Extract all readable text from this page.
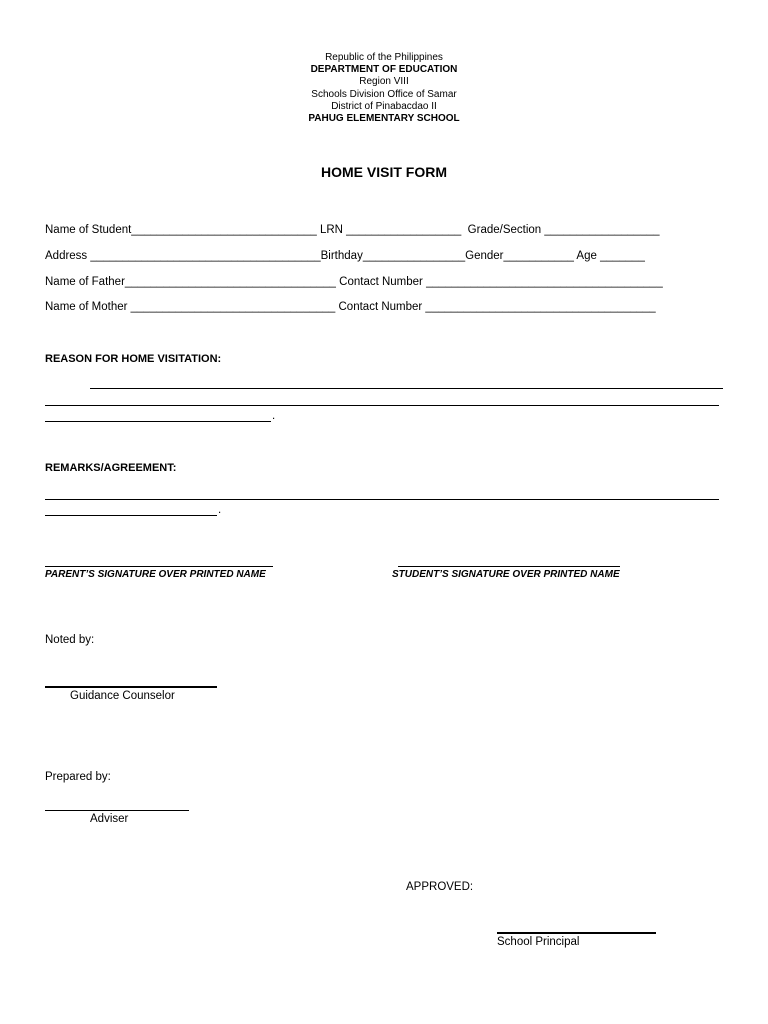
Republic of the Philippines
DEPARTMENT OF EDUCATION
Region VIII
Schools Division Office of Samar
District of Pinabacdao II
PAHUG ELEMENTARY SCHOOL
HOME VISIT FORM
Name of Student_____________________________ LRN __________________  Grade/Section __________________
Address ____________________________________Birthday________________Gender___________ Age _______
Name of Father_________________________________ Contact Number _____________________________________
Name of Mother ________________________________ Contact Number ____________________________________
REASON FOR HOME VISITATION:
.
REMARKS/AGREEMENT:
.
PARENT’S SIGNATURE OVER PRINTED NAME	STUDENT’S SIGNATURE OVER PRINTED NAME
Noted by:
Guidance Counselor
Prepared by:
Adviser
APPROVED:
School Principal
